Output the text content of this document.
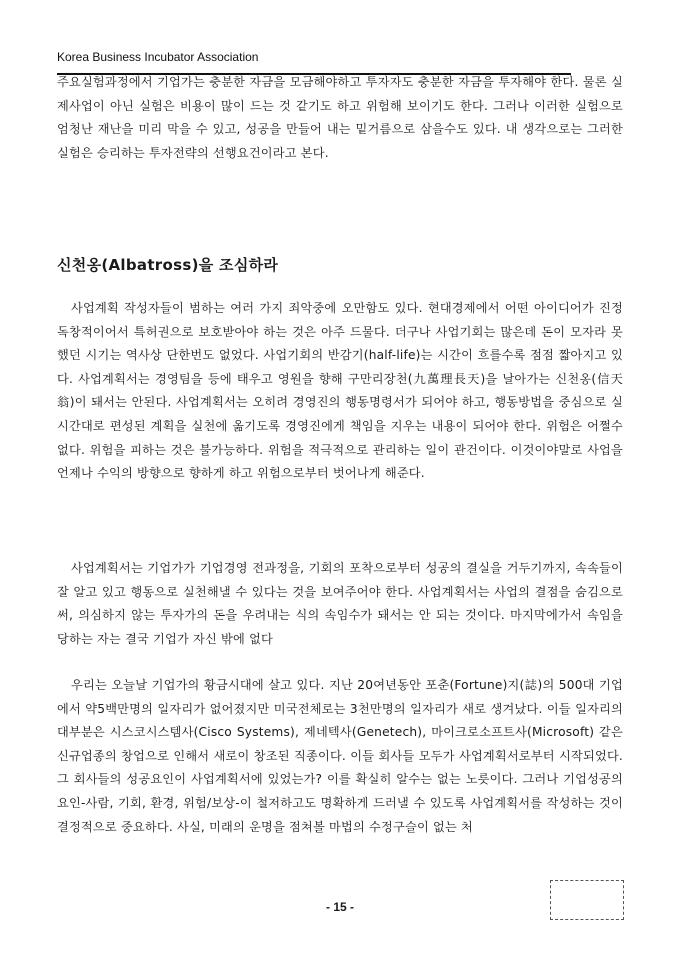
Korea Business Incubator Association

주요실험과정에서 기업가는 충분한 자금을 모금해야하고 투자자도 충분한 자금을 투자해야 한다. 물론 실제사업이 아닌 실험은 비용이 많이 드는 것 같기도 하고 위험해 보이기도 한다. 그러나 이러한 실험으로 엄청난 재난을 미리 막을 수 있고, 성공을 만들어 내는 밑거름으로 삼을수도 있다. 내 생각으로는 그러한 실험은 승리하는 투자전략의 선행요건이라고 본다.

신천옹(Albatross)을 조심하라

사업계획 작성자들이 범하는 여러 가지 죄악중에 오만함도 있다. 현대경제에서 어떤 아이디어가 진정 독창적이어서 특허권으로 보호받아야 하는 것은 아주 드물다. 더구나 사업기회는 많은데 돈이 모자라 못했던 시기는 역사상 단한번도 없었다. 사업기회의 반감기(half-life)는 시간이 흐를수록 점점 짧아지고 있다. 사업계획서는 경영팀을 등에 태우고 영원을 향해 구만리장천(九萬理長天)을 날아가는 신천옹(信天翁)이 돼서는 안된다. 사업계획서는 오히려 경영진의 행동명령서가 되어야 하고, 행동방법을 중심으로 실시간대로 편성된 계획을 실천에 옮기도록 경영진에게 책임을 지우는 내용이 되어야 한다. 위험은 어쩔수 없다. 위험을 피하는 것은 불가능하다. 위험을 적극적으로 관리하는 일이 관건이다. 이것이야말로 사업을 언제나 수익의 방향으로 향하게 하고 위험으로부터 벗어나게 해준다.

사업계획서는 기업가가 기업경영 전과정을, 기회의 포착으로부터 성공의 결실을 거두기까지, 속속들이 잘 알고 있고 행동으로 실천해낼 수 있다는 것을 보여주어야 한다. 사업계획서는 사업의 결점을 숨김으로써, 의심하지 않는 투자가의 돈을 우려내는 식의 속임수가 돼서는 안 되는 것이다. 마지막에가서 속임을 당하는 자는 결국 기업가 자신 밖에 없다

우리는 오늘날 기업가의 황금시대에 살고 있다. 지난 20여년동안 포춘(Fortune)지(誌)의 500대 기업에서 약5백만명의 일자리가 없어졌지만 미국전체로는 3천만명의 일자리가 새로 생겨났다. 이들 일자리의 대부분은 시스코시스템사(Cisco Systems), 제네텍사(Genetech), 마이크로소프트사(Microsoft) 같은 신규업종의 창업으로 인해서 새로이 창조된 직종이다. 이들 회사들 모두가 사업계획서로부터 시작되었다. 그 회사들의 성공요인이 사업계획서에 있었는가? 이를 확실히 알수는 없는 노릇이다. 그러나 기업성공의 요인-사람, 기회, 환경, 위험/보상-이 철저하고도 명확하게 드러낼 수 있도록 사업계획서를 작성하는 것이 결정적으로 중요하다. 사실, 미래의 운명을 점쳐볼 마법의 수정구슬이 없는 처

- 15 -
